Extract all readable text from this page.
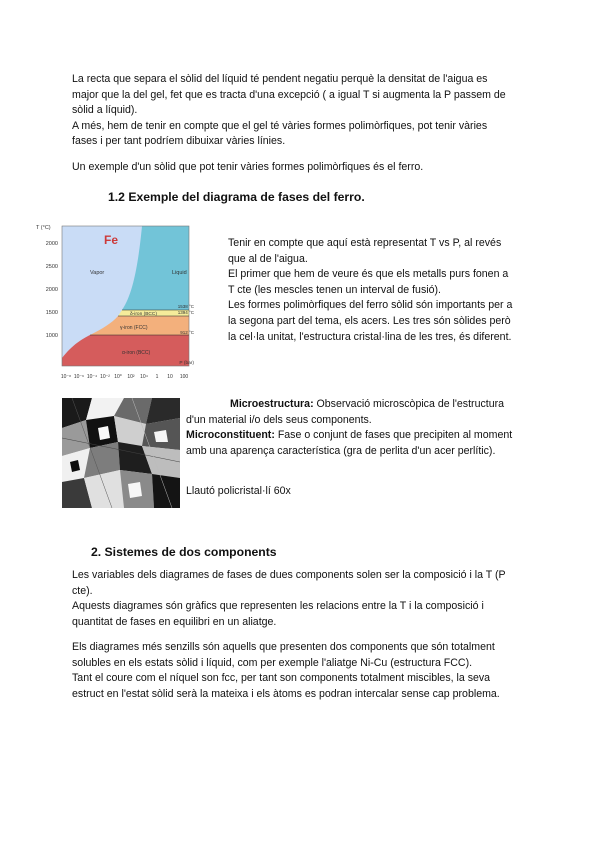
La recta que separa el sòlid del líquid té pendent negatiu perquè la densitat de l'aigua es
major que la del gel, fet que es tracta d'una excepció ( a igual T si augmenta la P passem de
sòlid a líquid).
A més, hem de tenir en compte que el gel té vàries formes polimòrfiques, pot tenir vàries
fases i per tant podríem dibuixar vàries línies.

Un exemple d'un sòlid que pot tenir vàries formes polimòrfiques és el ferro.

1.2 Exemple del diagrama de fases del ferro.
Fe
Vapor	Liquid
δ-iron (BCC)
γ-iron (FCC)
α-iron (BCC)
1538 °C
1394 °C
912 °C
P (bar)
T (°C)
2000
2500
2000
1500
1000
10⁻⁸ 10⁻⁶ 10⁻⁴ 10⁻² 10⁰ 10² 10⁴ 1 10 100
Tenir en compte que aquí està representat T vs P, al revés
que al de l'aigua.
El primer que hem de veure és que els metalls purs fonen a
T cte (les mescles tenen un interval de fusió).
Les formes polimòrfiques del ferro sòlid són importants per a
la segona part del tema, els acers. Les tres són sòlides però
la cel·la unitat, l'estructura cristal·lina de les tres, és diferent.
Microestructura: Observació microscòpica de l'estructura
d'un material i/o dels seus components.
Microconstituent: Fase o conjunt de fases que precipiten al moment
amb una aparença característica (gra de perlita d'un acer perlític).

Llautó policristal·lí 60x

2. Sistemes de dos components
Les variables dels diagrames de fases de dues components solen ser la composició i la T (P
cte).
Aquests diagrames són gràfics que representen les relacions entre la T i la composició i
quantitat de fases en equilibri en un aliatge.
Els diagrames més senzills són aquells que presenten dos components que són totalment
solubles en els estats sòlid i líquid, com per exemple l'aliatge Ni-Cu (estructura FCC).
Tant el coure com el níquel son fcc, per tant son components totalment miscibles, la seva
estruct en l'estat sòlid serà la mateixa i els àtoms es podran intercalar sense cap problema.
